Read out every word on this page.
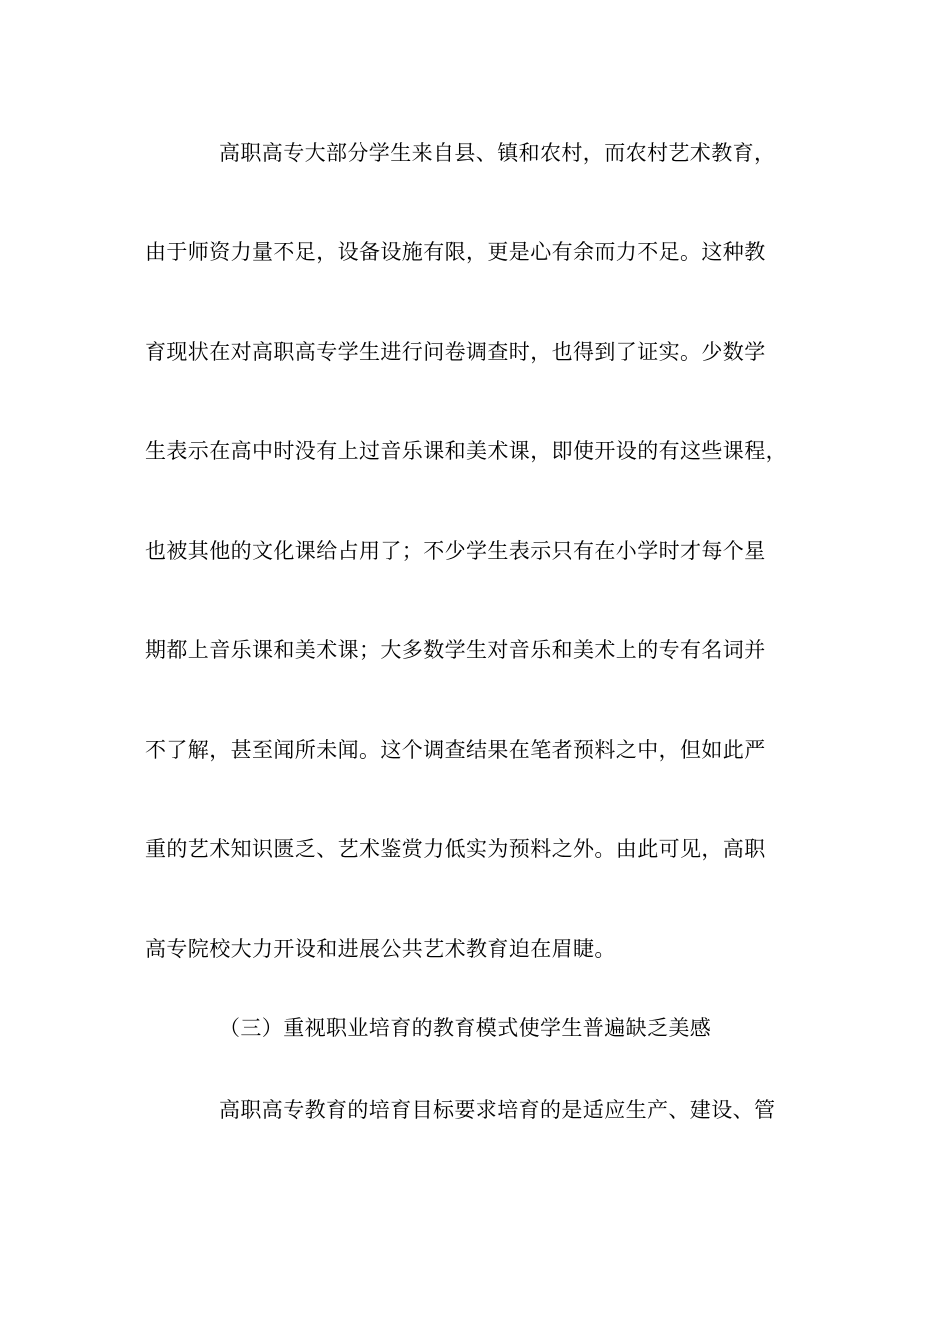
高职高专大部分学生来自县、镇和农村，而农村艺术教育，
由于师资力量不足，设备设施有限，更是心有余而力不足。这种教
育现状在对高职高专学生进行问卷调查时，也得到了证实。少数学
生表示在高中时没有上过音乐课和美术课，即使开设的有这些课程，
也被其他的文化课给占用了；不少学生表示只有在小学时才每个星
期都上音乐课和美术课；大多数学生对音乐和美术上的专有名词并
不了解，甚至闻所未闻。这个调查结果在笔者预料之中，但如此严
重的艺术知识匮乏、艺术鉴赏力低实为预料之外。由此可见，高职
高专院校大力开设和进展公共艺术教育迫在眉睫。
（三）重视职业培育的教育模式使学生普遍缺乏美感
高职高专教育的培育目标要求培育的是适应生产、建设、管
